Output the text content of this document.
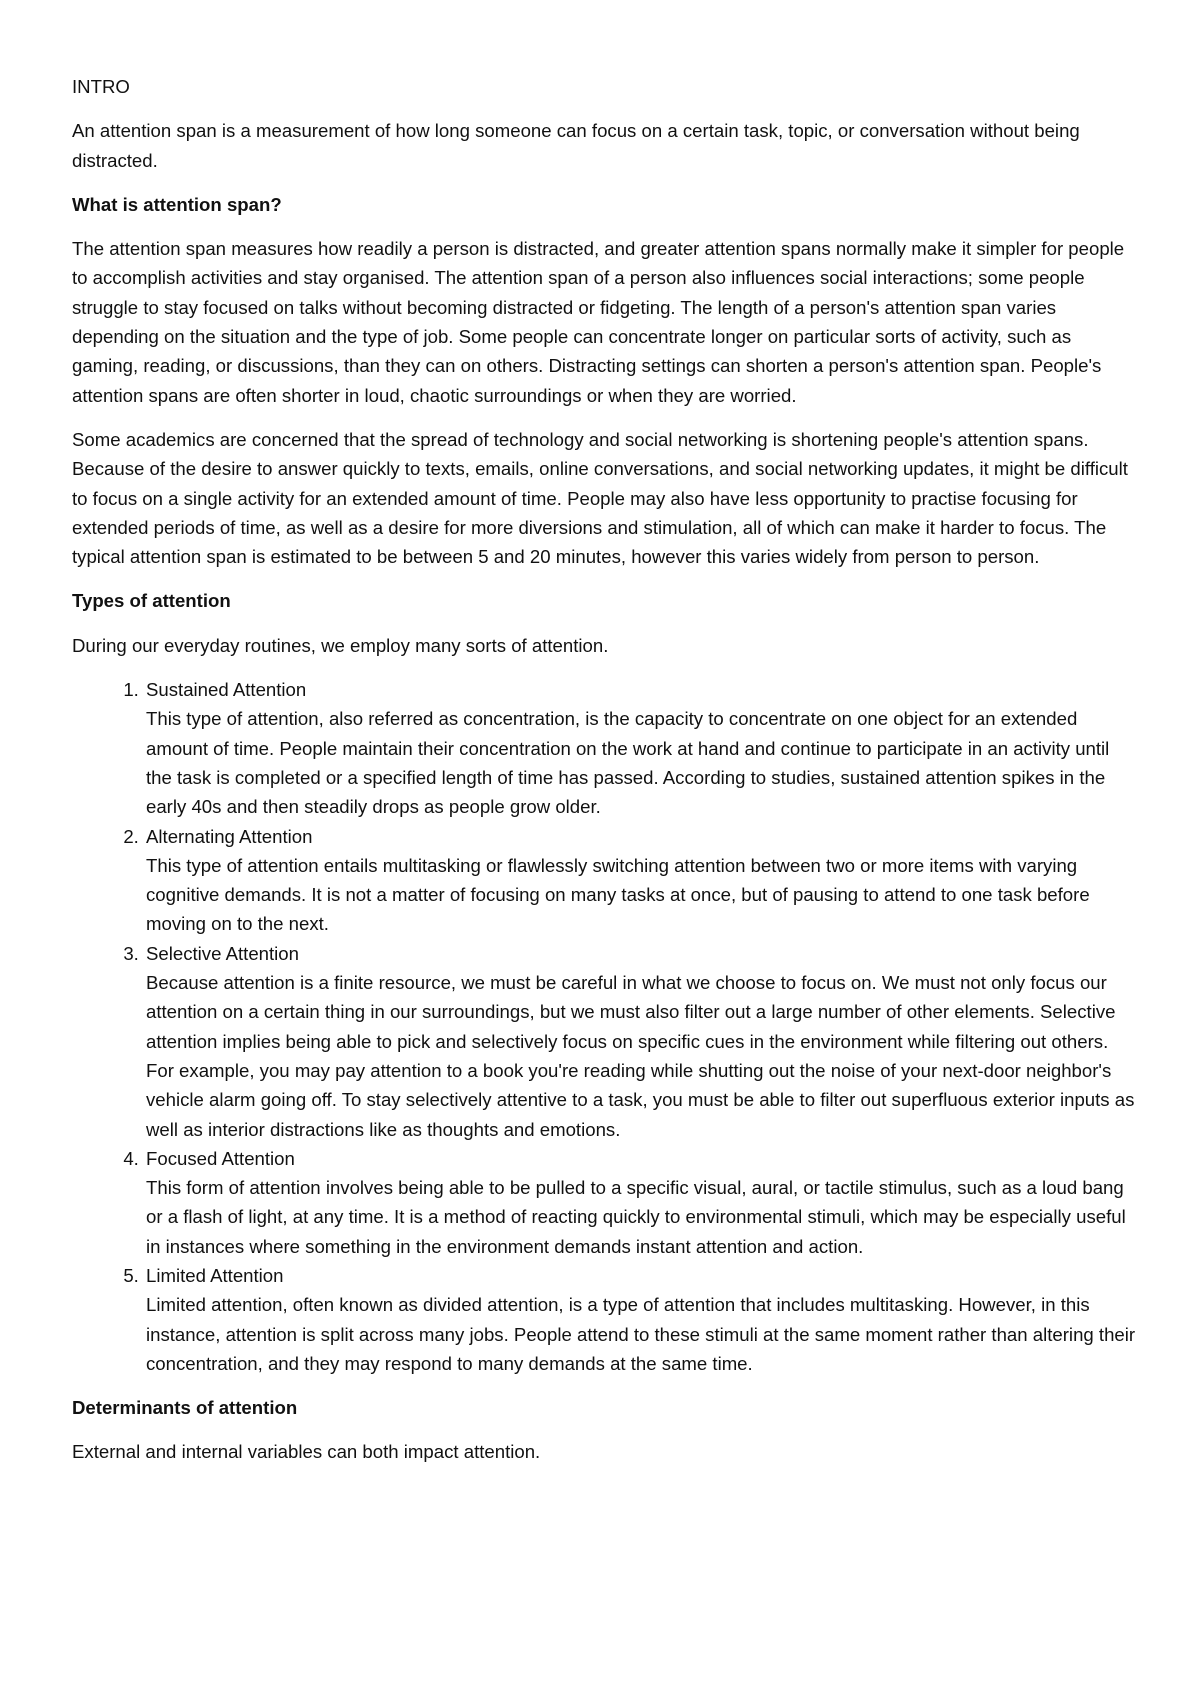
INTRO

An attention span is a measurement of how long someone can focus on a certain task, topic, or conversation without being distracted.

What is attention span?

The attention span measures how readily a person is distracted, and greater attention spans normally make it simpler for people to accomplish activities and stay organised. The attention span of a person also influences social interactions; some people struggle to stay focused on talks without becoming distracted or fidgeting. The length of a person's attention span varies depending on the situation and the type of job. Some people can concentrate longer on particular sorts of activity, such as gaming, reading, or discussions, than they can on others. Distracting settings can shorten a person's attention span. People's attention spans are often shorter in loud, chaotic surroundings or when they are worried.

Some academics are concerned that the spread of technology and social networking is shortening people's attention spans. Because of the desire to answer quickly to texts, emails, online conversations, and social networking updates, it might be difficult to focus on a single activity for an extended amount of time. People may also have less opportunity to practise focusing for extended periods of time, as well as a desire for more diversions and stimulation, all of which can make it harder to focus. The typical attention span is estimated to be between 5 and 20 minutes, however this varies widely from person to person.

Types of attention

During our everyday routines, we employ many sorts of attention.

1. Sustained Attention
This type of attention, also referred as concentration, is the capacity to concentrate on one object for an extended amount of time. People maintain their concentration on the work at hand and continue to participate in an activity until the task is completed or a specified length of time has passed. According to studies, sustained attention spikes in the early 40s and then steadily drops as people grow older.
2. Alternating Attention
This type of attention entails multitasking or flawlessly switching attention between two or more items with varying cognitive demands. It is not a matter of focusing on many tasks at once, but of pausing to attend to one task before moving on to the next.
3. Selective Attention
Because attention is a finite resource, we must be careful in what we choose to focus on. We must not only focus our attention on a certain thing in our surroundings, but we must also filter out a large number of other elements. Selective attention implies being able to pick and selectively focus on specific cues in the environment while filtering out others. For example, you may pay attention to a book you're reading while shutting out the noise of your next-door neighbor's vehicle alarm going off. To stay selectively attentive to a task, you must be able to filter out superfluous exterior inputs as well as interior distractions like as thoughts and emotions.
4. Focused Attention
This form of attention involves being able to be pulled to a specific visual, aural, or tactile stimulus, such as a loud bang or a flash of light, at any time. It is a method of reacting quickly to environmental stimuli, which may be especially useful in instances where something in the environment demands instant attention and action.
5. Limited Attention
Limited attention, often known as divided attention, is a type of attention that includes multitasking. However, in this instance, attention is split across many jobs. People attend to these stimuli at the same moment rather than altering their concentration, and they may respond to many demands at the same time.

Determinants of attention

External and internal variables can both impact attention.
